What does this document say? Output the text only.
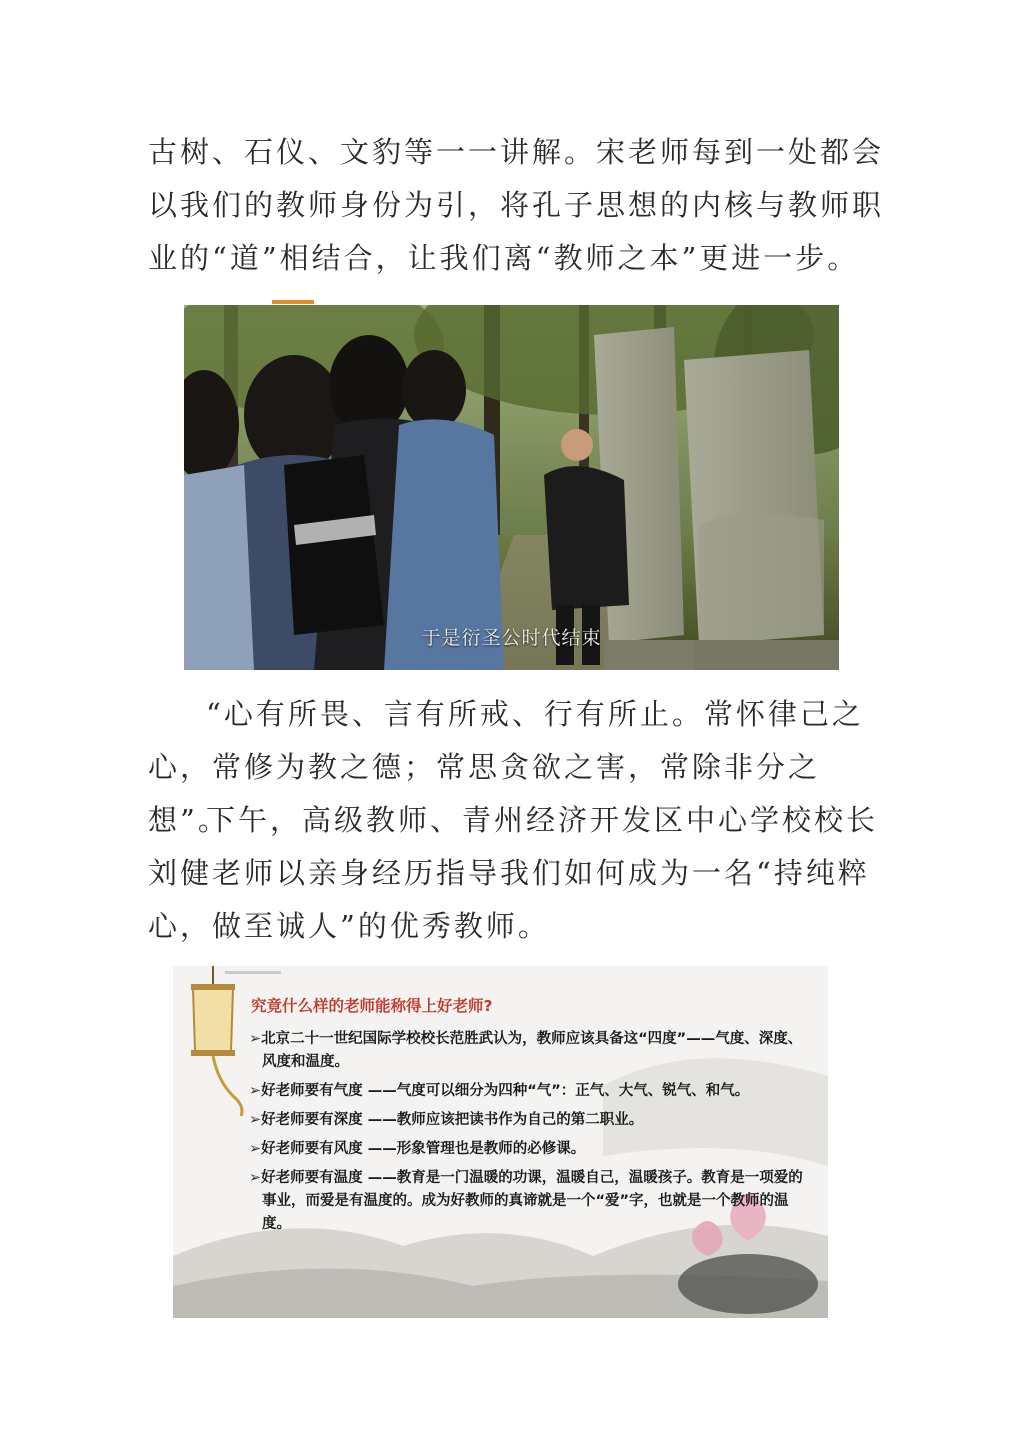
古树、石仪、文豹等一一讲解。宋老师每到一处都会以我们的教师身份为引，将孔子思想的内核与教师职业的“道”相结合，让我们离“教师之本”更进一步。

于是衍圣公时代结束

“心有所畏、言有所戒、行有所止。常怀律己之心，常修为教之德；常思贪欲之害，常除非分之想”。

下午，高级教师、青州经济开发区中心学校校长刘健老师以亲身经历指导我们如何成为一名“持纯粹心，做至诚人”的优秀教师。

究竟什么样的老师能称得上好老师?
➢北京二十一世纪国际学校校长范胜武认为，教师应该具备这“四度”——气度、深度、风度和温度。
➢好老师要有气度 ——气度可以细分为四种“气”：正气、大气、锐气、和气。
➢好老师要有深度 ——教师应该把读书作为自己的第二职业。
➢好老师要有风度 ——形象管理也是教师的必修课。
➢好老师要有温度 ——教育是一门温暖的功课，温暖自己，温暖孩子。教育是一项爱的事业，而爱是有温度的。成为好教师的真谛就是一个“爱”字，也就是一个教师的温度。
